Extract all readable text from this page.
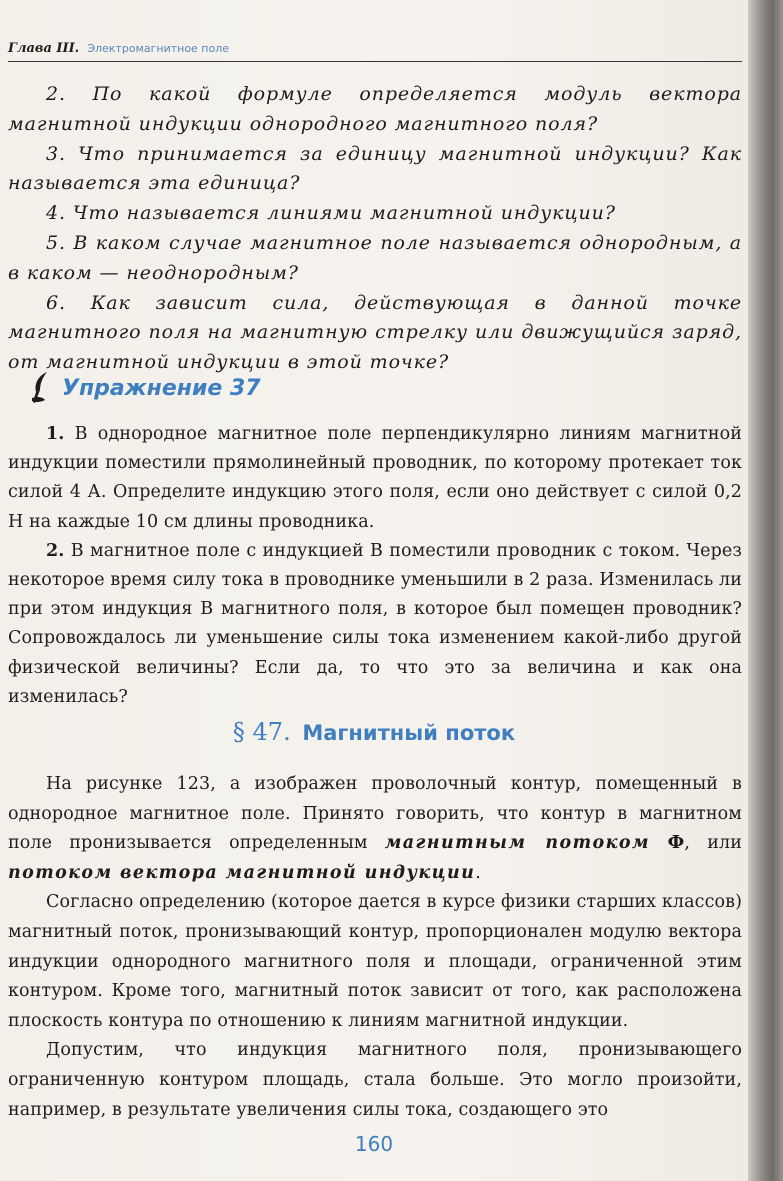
Глава III. Электромагнитное поле

2. По какой формуле определяется модуль вектора магнитной индукции однородного магнитного поля?

3. Что принимается за единицу магнитной индукции? Как называется эта единица?

4. Что называется линиями магнитной индукции?

5. В каком случае магнитное поле называется однородным, а в каком — неоднородным?

6. Как зависит сила, действующая в данной точке магнитного поля на магнитную стрелку или движущийся заряд, от магнитной индукции в этой точке?

Упражнение 37

1. В однородное магнитное поле перпендикулярно линиям магнитной индукции поместили прямолинейный проводник, по которому протекает ток силой 4 А. Определите индукцию этого поля, если оно действует с силой 0,2 Н на каждые 10 см длины проводника.

2. В магнитное поле с индукцией B поместили проводник с током. Через некоторое время силу тока в проводнике уменьшили в 2 раза. Изменилась ли при этом индукция B магнитного поля, в которое был помещен проводник? Сопровождалось ли уменьшение силы тока изменением какой-либо другой физической величины? Если да, то что это за величина и как она изменилась?

§ 47. Магнитный поток

На рисунке 123, а изображен проволочный контур, помещенный в однородное магнитное поле. Принято говорить, что контур в магнитном поле пронизывается определенным магнитным потоком Ф, или потоком вектора магнитной индукции.

Согласно определению (которое дается в курсе физики старших классов) магнитный поток, пронизывающий контур, пропорционален модулю вектора индукции однородного магнитного поля и площади, ограниченной этим контуром. Кроме того, магнитный поток зависит от того, как расположена плоскость контура по отношению к линиям магнитной индукции.

Допустим, что индукция магнитного поля, пронизывающего ограниченную контуром площадь, стала больше. Это могло произойти, например, в результате увеличения силы тока, создающего это

160
